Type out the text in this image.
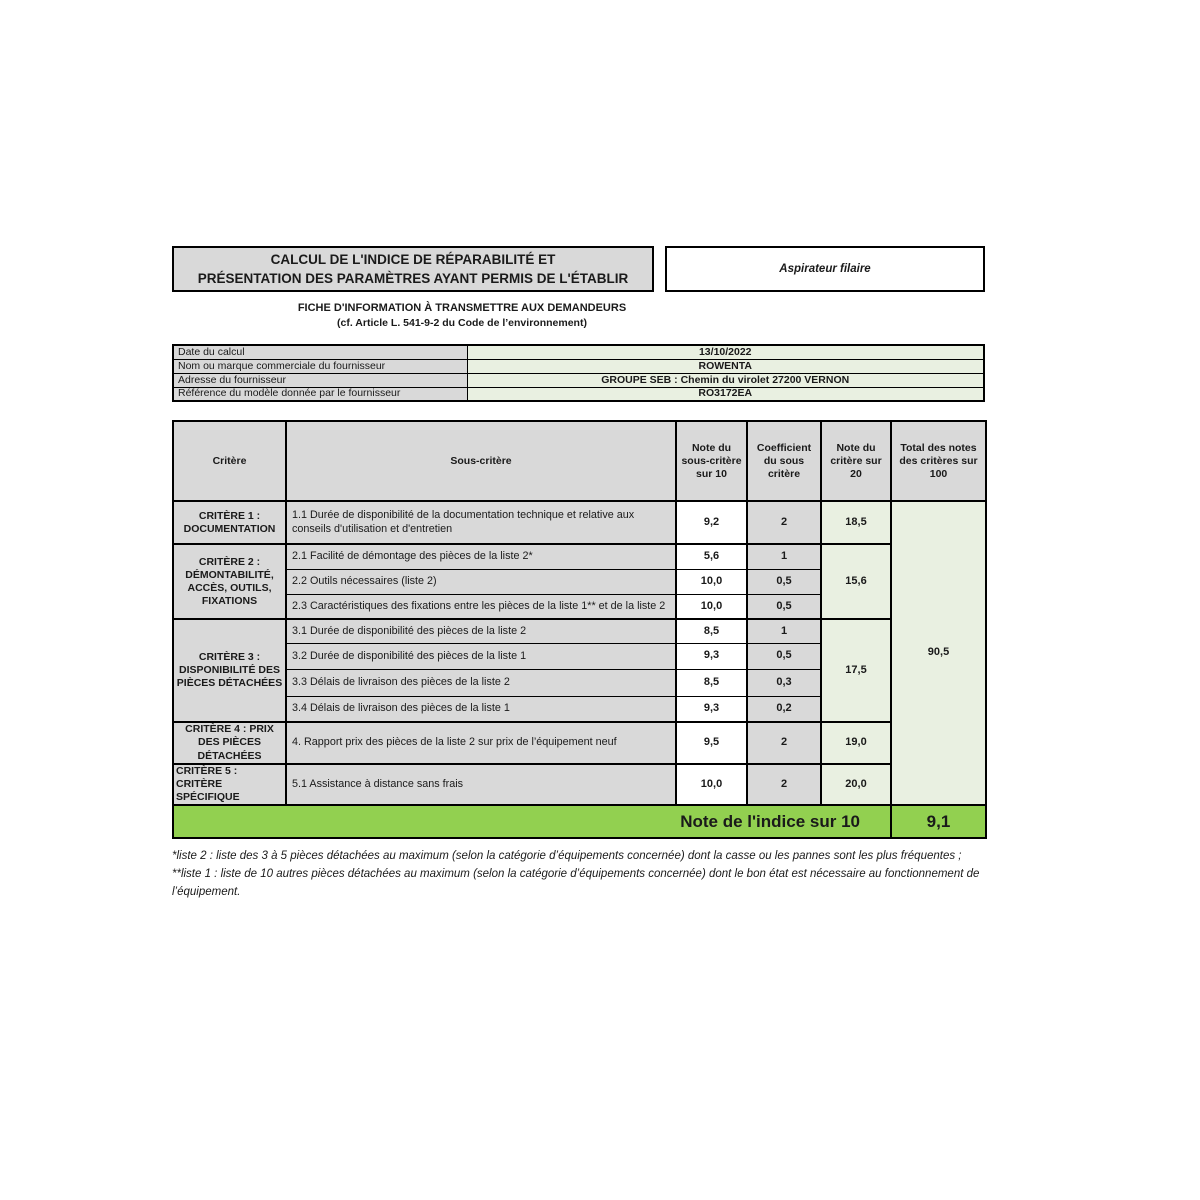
CALCUL DE L'INDICE DE RÉPARABILITÉ ET
PRÉSENTATION DES PARAMÈTRES AYANT PERMIS DE L'ÉTABLIR
Aspirateur filaire
FICHE D'INFORMATION À TRANSMETTRE AUX DEMANDEURS
(cf. Article L. 541-9-2 du Code de l’environnement)
Date du calcul	13/10/2022
Nom ou marque commerciale du fournisseur	ROWENTA
Adresse du fournisseur	GROUPE SEB : Chemin du virolet 27200 VERNON
Référence du modèle donnée par le fournisseur	RO3172EA
Critère	Sous-critère	Note du sous-critère sur 10	Coefficient du sous critère	Note du critère sur 20	Total des notes des critères sur 100
CRITÈRE 1 : DOCUMENTATION	1.1 Durée de disponibilité de la documentation technique et relative aux conseils d'utilisation et d'entretien	9,2	2	18,5	90,5
CRITÈRE 2 : DÉMONTABILITÉ, ACCÈS, OUTILS, FIXATIONS	2.1 Facilité de démontage des pièces de la liste 2*	5,6	1	15,6	
	2.2 Outils nécessaires (liste 2)	10,0	0,5		
	2.3 Caractéristiques des fixations entre les pièces de la liste 1** et de la liste 2	10,0	0,5		
CRITÈRE 3 : DISPONIBILITÉ DES PIÈCES DÉTACHÉES	3.1 Durée de disponibilité des pièces de la liste 2	8,5	1	17,5	
	3.2 Durée de disponibilité des pièces de la liste 1	9,3	0,5		
	3.3 Délais de livraison des pièces de la liste 2	8,5	0,3		
	3.4 Délais de livraison des pièces de la liste 1	9,3	0,2		
CRITÈRE 4 : PRIX DES PIÈCES DÉTACHÉES	4. Rapport prix des pièces de la liste 2 sur prix de l’équipement neuf	9,5	2	19,0	
CRITÈRE 5 : CRITÈRE SPÉCIFIQUE	5.1 Assistance à distance sans frais	10,0	2	20,0	
Note de l'indice sur 10					9,1

*liste 2 : liste des 3 à 5 pièces détachées au maximum (selon la catégorie d’équipements concernée) dont la casse ou les pannes sont les plus fréquentes ;

**liste 1 : liste de 10 autres pièces détachées au maximum (selon la catégorie d’équipements concernée) dont le bon état est nécessaire au fonctionnement de l’équipement.
